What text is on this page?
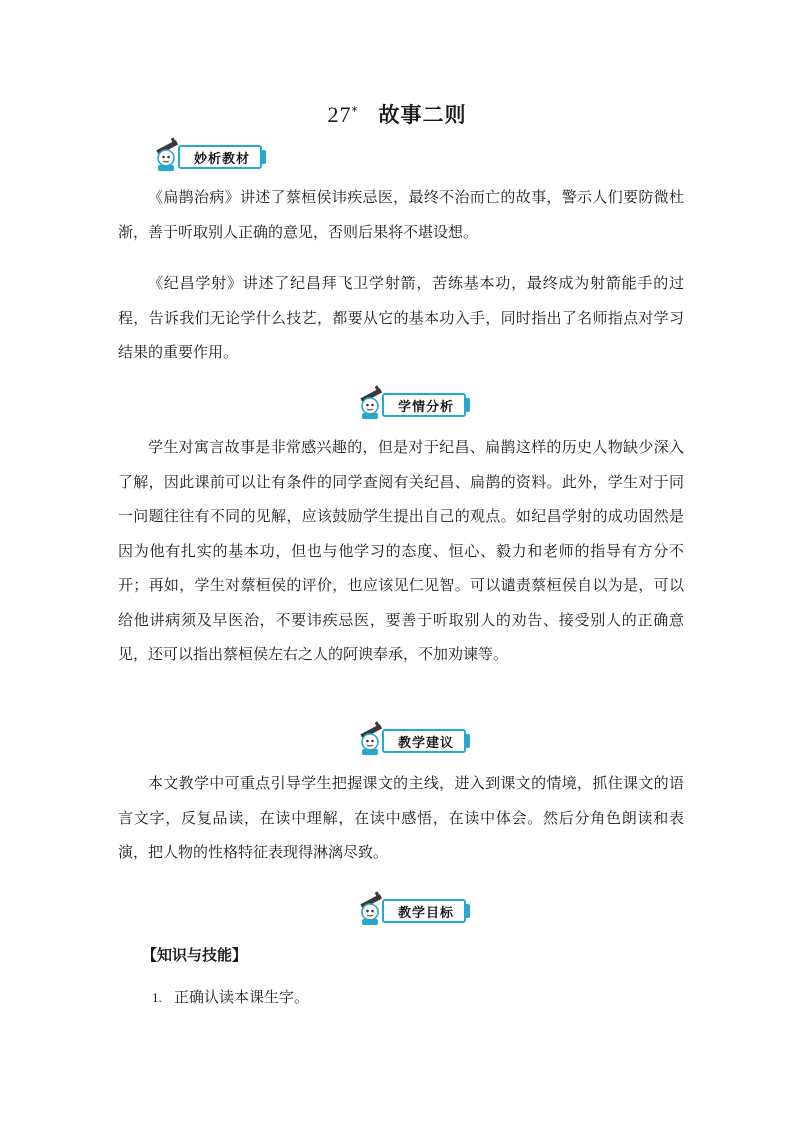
27* 故事二则
妙析教材
《扁鹊治病》讲述了蔡桓侯讳疾忌医，最终不治而亡的故事，警示人们要防微杜渐，善于听取别人正确的意见，否则后果将不堪设想。
《纪昌学射》讲述了纪昌拜飞卫学射箭，苦练基本功，最终成为射箭能手的过程，告诉我们无论学什么技艺，都要从它的基本功入手，同时指出了名师指点对学习结果的重要作用。
学情分析
学生对寓言故事是非常感兴趣的，但是对于纪昌、扁鹊这样的历史人物缺少深入了解，因此课前可以让有条件的同学查阅有关纪昌、扁鹊的资料。此外，学生对于同一问题往往有不同的见解，应该鼓励学生提出自己的观点。如纪昌学射的成功固然是因为他有扎实的基本功，但也与他学习的态度、恒心、毅力和老师的指导有方分不开；再如，学生对蔡桓侯的评价，也应该见仁见智。可以谴责蔡桓侯自以为是，可以给他讲病须及早医治，不要讳疾忌医，要善于听取别人的劝告、接受别人的正确意见，还可以指出蔡桓侯左右之人的阿谀奉承，不加劝谏等。
教学建议
本文教学中可重点引导学生把握课文的主线，进入到课文的情境，抓住课文的语言文字，反复品读，在读中理解，在读中感悟，在读中体会。然后分角色朗读和表演，把人物的性格特征表现得淋漓尽致。
教学目标
【知识与技能】
1. 正确认读本课生字。
